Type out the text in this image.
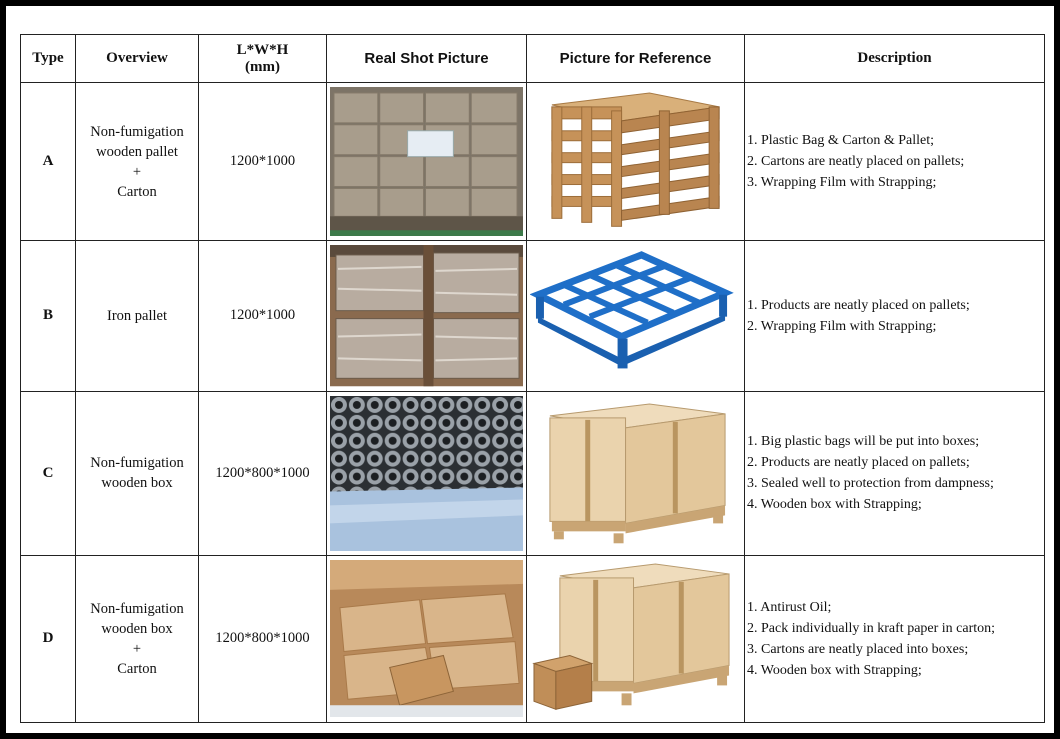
Type	Overview	L*W*H
(mm)	Real Shot Picture	Picture for Reference	Description
A	Non-fumigation
wooden pallet
+
Carton	1200*1000			1. Plastic Bag & Carton & Pallet;
2. Cartons are neatly placed on pallets;
3. Wrapping Film with Strapping;

B	Iron pallet	1200*1000			1. Products are neatly placed on pallets;
2. Wrapping Film with Strapping;

C	Non-fumigation
wooden box	1200*800*1000			1. Big plastic bags will be put into boxes;
2. Products are neatly placed on pallets;
3. Sealed well to protection from dampness;
4. Wooden box with Strapping;

D	Non-fumigation
wooden box
+
Carton	1200*800*1000			1. Antirust Oil;
2. Pack individually in kraft paper in carton;
3. Cartons are neatly placed into boxes;
4. Wooden box with Strapping;
